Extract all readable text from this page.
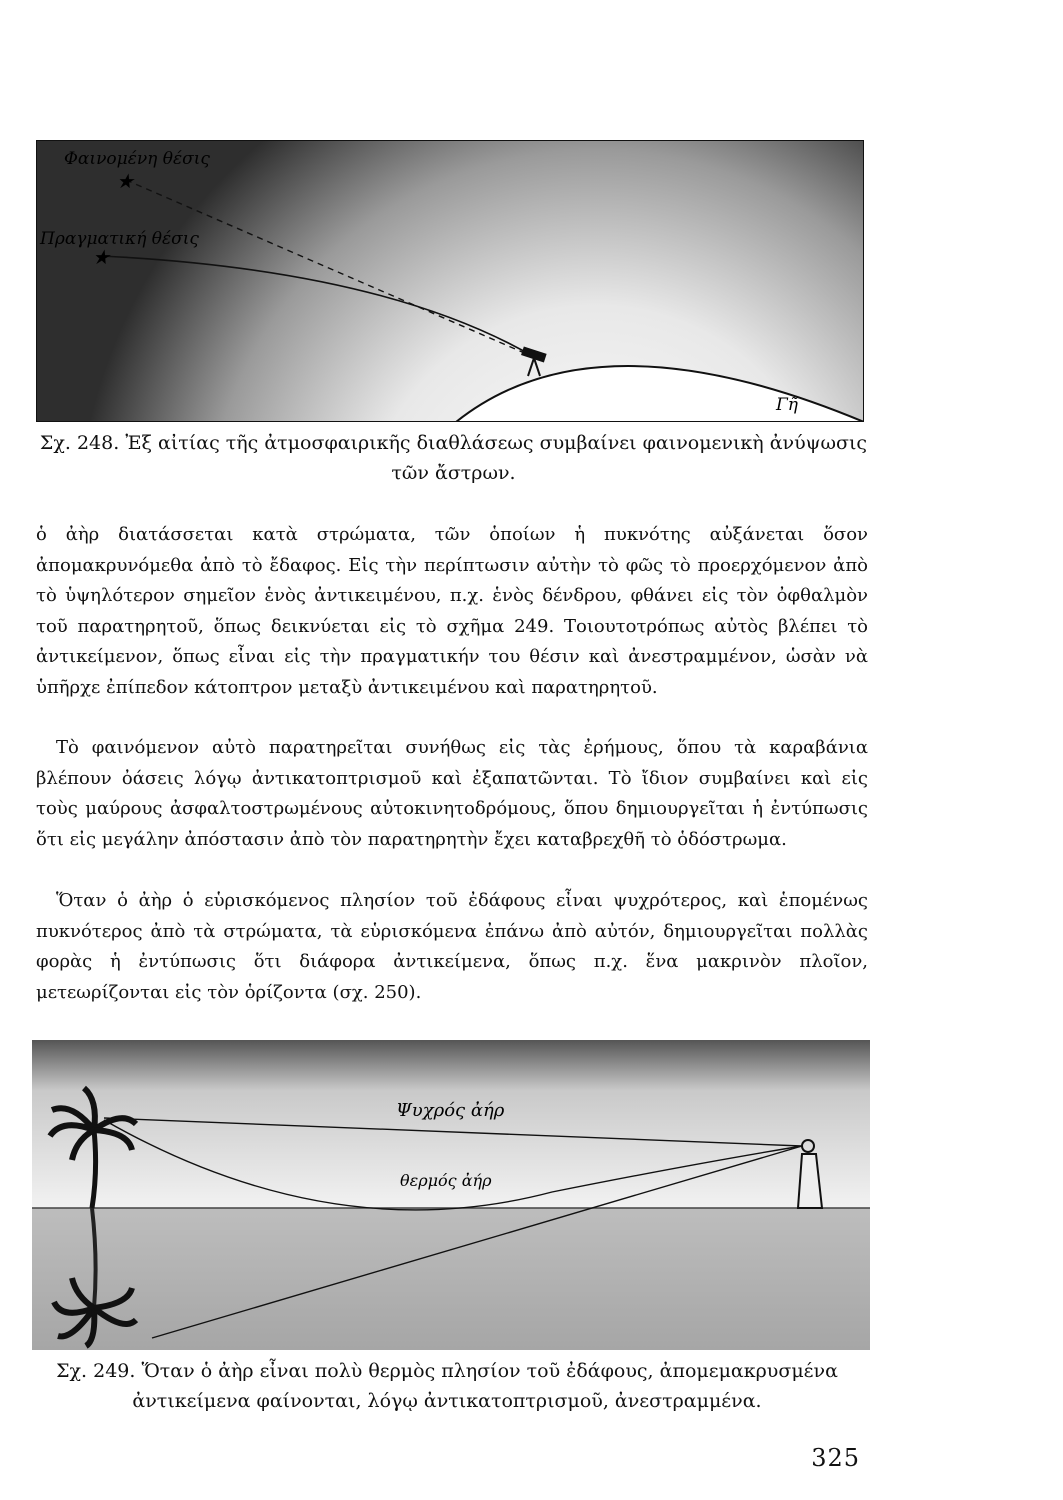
★
★
Φαινομένη θέσις
Πραγματική θέσις
Γῆ
Σχ. 248. Ἐξ αἰτίας τῆς ἀτμοσφαιρικῆς διαθλάσεως συμβαίνει φαινομενικὴ ἀνύψωσις τῶν ἄστρων.

ὁ ἀὴρ διατάσσεται κατὰ στρώματα, τῶν ὁποίων ἡ πυκνότης αὐξάνεται ὅσον ἀπομακρυνόμεθα ἀπὸ τὸ ἔδαφος. Εἰς τὴν περίπτωσιν αὐτὴν τὸ φῶς τὸ προερχόμενον ἀπὸ τὸ ὑψηλότερον σημεῖον ἑνὸς ἀντικειμένου, π.χ. ἑνὸς δένδρου, φθάνει εἰς τὸν ὀφθαλμὸν τοῦ παρατηρητοῦ, ὅπως δεικνύεται εἰς τὸ σχῆμα 249. Τοιουτοτρόπως αὐτὸς βλέπει τὸ ἀντικείμενον, ὅπως εἶναι εἰς τὴν πραγματικήν του θέσιν καὶ ἀνεστραμμένον, ὡσὰν νὰ ὑπῆρχε ἐπίπεδον κάτοπτρον μεταξὺ ἀντικειμένου καὶ παρατηρητοῦ.

Τὸ φαινόμενον αὐτὸ παρατηρεῖται συνήθως εἰς τὰς ἐρήμους, ὅπου τὰ καραβάνια βλέπουν ὀάσεις λόγῳ ἀντικατοπτρισμοῦ καὶ ἐξαπατῶνται. Τὸ ἴδιον συμβαίνει καὶ εἰς τοὺς μαύρους ἀσφαλτοστρωμένους αὐτοκινητοδρόμους, ὅπου δημιουργεῖται ἡ ἐντύπωσις ὅτι εἰς μεγάλην ἀπόστασιν ἀπὸ τὸν παρατηρητὴν ἔχει καταβρεχθῆ τὸ ὁδόστρωμα.

Ὅταν ὁ ἀὴρ ὁ εὑρισκόμενος πλησίον τοῦ ἐδάφους εἶναι ψυχρότερος, καὶ ἑπομένως πυκνότερος ἀπὸ τὰ στρώματα, τὰ εὑρισκόμενα ἐπάνω ἀπὸ αὐτόν, δημιουργεῖται πολλὰς φορὰς ἡ ἐντύπωσις ὅτι διάφορα ἀντικείμενα, ὅπως π.χ. ἕνα μακρινὸν πλοῖον, μετεωρίζονται εἰς τὸν ὁρίζοντα (σχ. 250).

Ψυχρός ἀήρ
θερμός ἀήρ
Σχ. 249. Ὅταν ὁ ἀὴρ εἶναι πολὺ θερμὸς πλησίον τοῦ ἐδάφους, ἀπομεμακρυσμένα ἀντικείμενα φαίνονται, λόγῳ ἀντικατοπτρισμοῦ, ἀνεστραμμένα.
325
